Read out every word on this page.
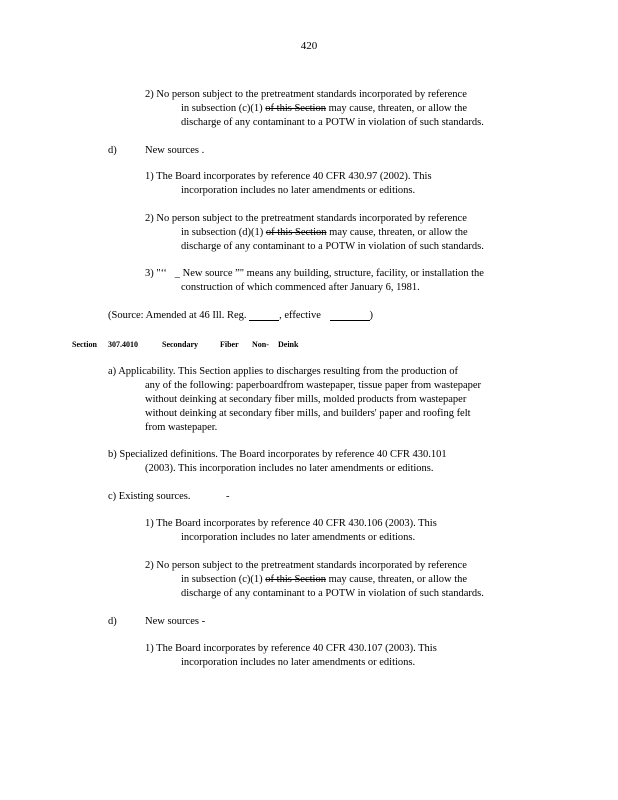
420
2) No person subject to the pretreatment standards incorporated by reference
in subsection (c)(1) of this Section may cause, threaten, or allow the
discharge of any contaminant to a POTW in violation of such standards.
d)	New sources .
1) The Board incorporates by reference 40 CFR 430.97 (2002). This
incorporation includes no later amendments or editions.
2) No person subject to the pretreatment standards incorporated by reference
in subsection (d)(1) of this Section may cause, threaten, or allow the
discharge of any contaminant to a POTW in violation of such standards.
3) "‘‘ _ New source ”" means any building, structure, facility, or installation the
construction of which commenced after January 6, 1981.
(Source: Amended at 46 Ill. Reg.	, effective	)
Section 307.4010	Secondary	Fiber Non- Deink
a) Applicability. This Section applies to discharges resulting from the production of
any of the following: paperboardfrom wastepaper, tissue paper from wastepaper
without deinking at secondary fiber mills, molded products from wastepaper
without deinking at secondary fiber mills, and builders' paper and roofing felt
from wastepaper.
b) Specialized definitions. The Board incorporates by reference 40 CFR 430.101
(2003). This incorporation includes no later amendments or editions.
c) Existing sources.	-
1) The Board incorporates by reference 40 CFR 430.106 (2003). This
incorporation includes no later amendments or editions.
2) No person subject to the pretreatment standards incorporated by reference
in subsection (c)(1) of this Section may cause, threaten, or allow the
discharge of any contaminant to a POTW in violation of such standards.
d)	New sources -
1) The Board incorporates by reference 40 CFR 430.107 (2003). This
incorporation includes no later amendments or editions.
